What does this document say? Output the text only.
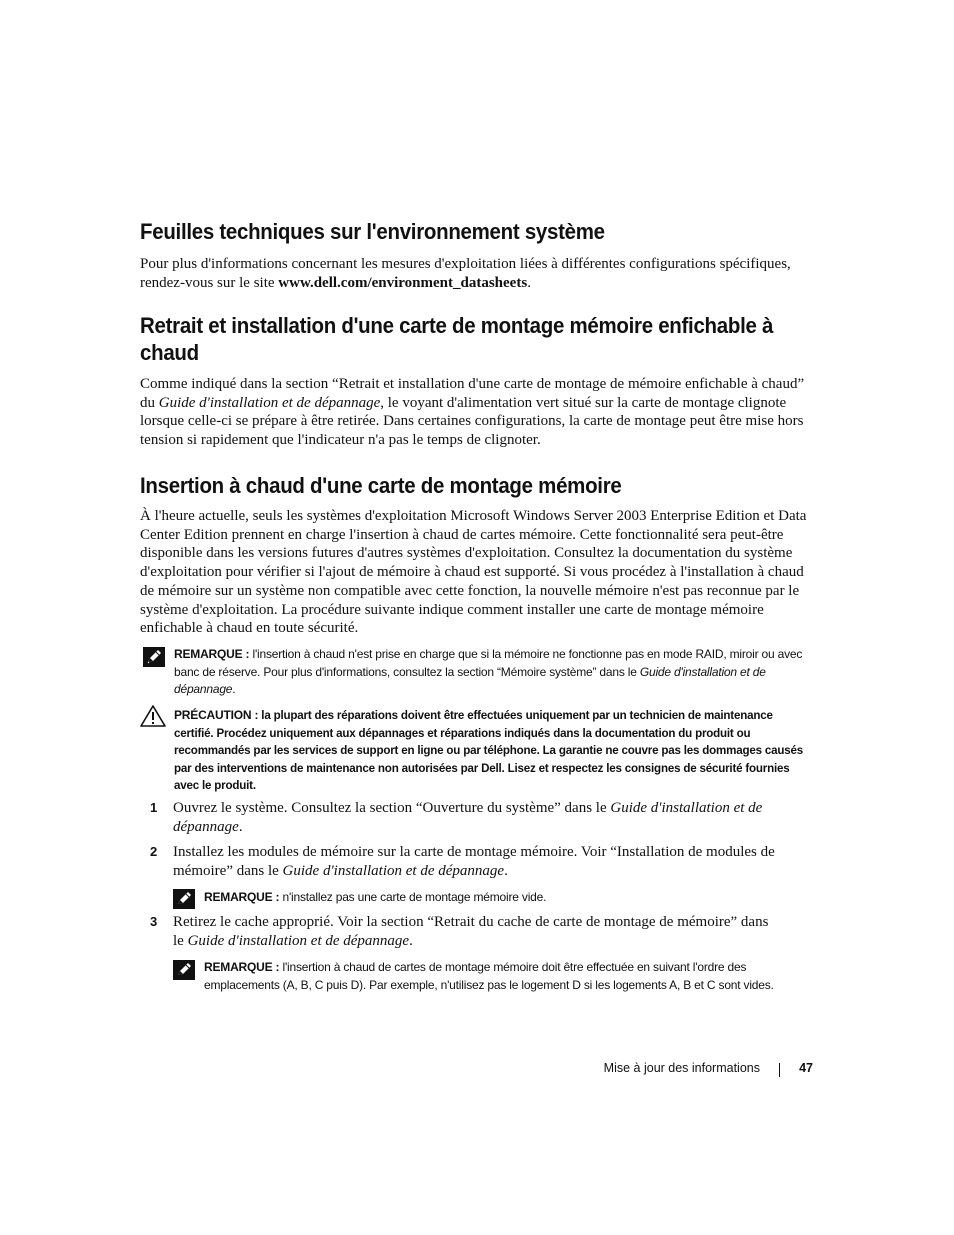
Feuilles techniques sur l'environnement système

Pour plus d'informations concernant les mesures d'exploitation liées à différentes configurations spécifiques, rendez-vous sur le site www.dell.com/environment_datasheets.

Retrait et installation d'une carte de montage mémoire enfichable à chaud

Comme indiqué dans la section “Retrait et installation d'une carte de montage de mémoire enfichable à chaud” du Guide d'installation et de dépannage, le voyant d'alimentation vert situé sur la carte de montage clignote lorsque celle-ci se prépare à être retirée. Dans certaines configurations, la carte de montage peut être mise hors tension si rapidement que l'indicateur n'a pas le temps de clignoter.

Insertion à chaud d'une carte de montage mémoire

À l'heure actuelle, seuls les systèmes d'exploitation Microsoft Windows Server 2003 Enterprise Edition et Data Center Edition prennent en charge l'insertion à chaud de cartes mémoire. Cette fonctionnalité sera peut-être disponible dans les versions futures d'autres systèmes d'exploitation. Consultez la documentation du système d'exploitation pour vérifier si l'ajout de mémoire à chaud est supporté. Si vous procédez à l'installation à chaud de mémoire sur un système non compatible avec cette fonction, la nouvelle mémoire n'est pas reconnue par le système d'exploitation. La procédure suivante indique comment installer une carte de montage mémoire enfichable à chaud en toute sécurité.

REMARQUE : l'insertion à chaud n'est prise en charge que si la mémoire ne fonctionne pas en mode RAID, miroir ou avec banc de réserve. Pour plus d'informations, consultez la section “Mémoire système” dans le Guide d'installation et de dépannage.
PRÉCAUTION : la plupart des réparations doivent être effectuées uniquement par un technicien de maintenance certifié. Procédez uniquement aux dépannages et réparations indiqués dans la documentation du produit ou recommandés par les services de support en ligne ou par téléphone. La garantie ne couvre pas les dommages causés par des interventions de maintenance non autorisées par Dell. Lisez et respectez les consignes de sécurité fournies avec le produit.
1 Ouvrez le système. Consultez la section “Ouverture du système” dans le Guide d'installation et de dépannage.

2 Installez les modules de mémoire sur la carte de montage mémoire. Voir “Installation de modules de mémoire” dans le Guide d'installation et de dépannage.

REMARQUE : n'installez pas une carte de montage mémoire vide.
3 Retirez le cache approprié. Voir la section “Retrait du cache de carte de montage de mémoire” dans le Guide d'installation et de dépannage.

REMARQUE : l'insertion à chaud de cartes de montage mémoire doit être effectuée en suivant l'ordre des emplacements (A, B, C puis D). Par exemple, n'utilisez pas le logement D si les logements A, B et C sont vides.
Mise à jour des informations	47
